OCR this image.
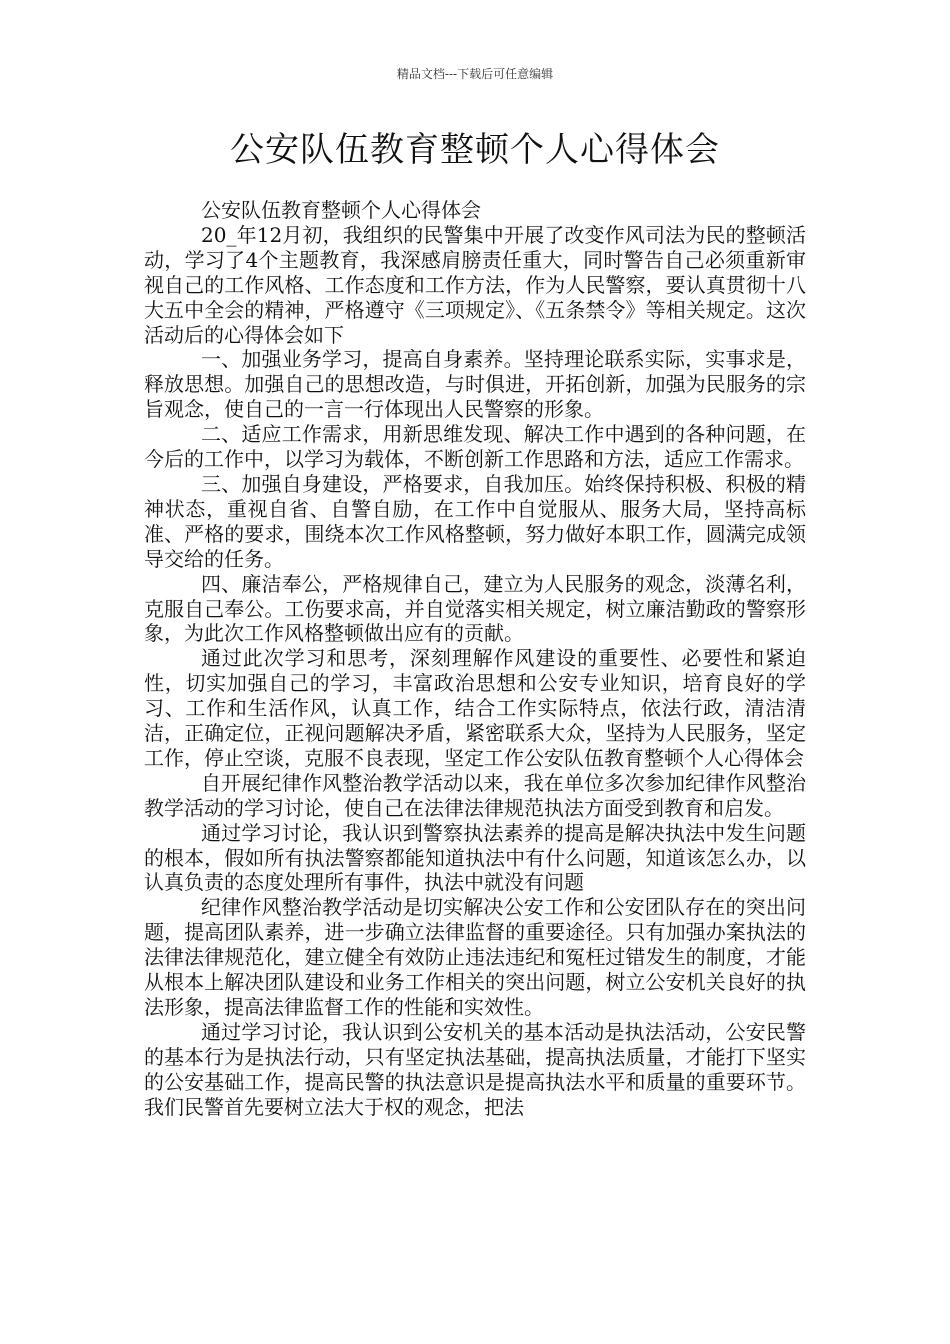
精品文档---下载后可任意编辑
公安队伍教育整顿个人心得体会

公安队伍教育整顿个人心得体会

20_年12月初，我组织的民警集中开展了改变作风司法为民的整顿活动，学习了4个主题教育，我深感肩膀责任重大，同时警告自己必须重新审视自己的工作风格、工作态度和工作方法，作为人民警察，要认真贯彻十八大五中全会的精神，严格遵守《三项规定》、《五条禁令》等相关规定。这次活动后的心得体会如下

一、加强业务学习，提高自身素养。坚持理论联系实际，实事求是，释放思想。加强自己的思想改造，与时俱进，开拓创新，加强为民服务的宗旨观念，使自己的一言一行体现出人民警察的形象。

二、适应工作需求，用新思维发现、解决工作中遇到的各种问题，在今后的工作中，以学习为载体，不断创新工作思路和方法，适应工作需求。

三、加强自身建设，严格要求，自我加压。始终保持积极、积极的精神状态，重视自省、自警自励，在工作中自觉服从、服务大局，坚持高标准、严格的要求，围绕本次工作风格整顿，努力做好本职工作，圆满完成领导交给的任务。

四、廉洁奉公，严格规律自己，建立为人民服务的观念，淡薄名利，克服自己奉公。工伤要求高，并自觉落实相关规定，树立廉洁勤政的警察形象，为此次工作风格整顿做出应有的贡献。

通过此次学习和思考，深刻理解作风建设的重要性、必要性和紧迫性，切实加强自己的学习，丰富政治思想和公安专业知识，培育良好的学习、工作和生活作风，认真工作，结合工作实际特点，依法行政，清洁清洁，正确定位，正视问题解决矛盾，紧密联系大众，坚持为人民服务，坚定工作，停止空谈，克服不良表现，坚定工作公安队伍教育整顿个人心得体会

自开展纪律作风整治教学活动以来，我在单位多次参加纪律作风整治教学活动的学习讨论，使自己在法律法律规范执法方面受到教育和启发。

通过学习讨论，我认识到警察执法素养的提高是解决执法中发生问题的根本，假如所有执法警察都能知道执法中有什么问题，知道该怎么办，以认真负责的态度处理所有事件，执法中就没有问题

纪律作风整治教学活动是切实解决公安工作和公安团队存在的突出问题，提高团队素养，进一步确立法律监督的重要途径。只有加强办案执法的法律法律规范化，建立健全有效防止违法违纪和冤枉过错发生的制度，才能从根本上解决团队建设和业务工作相关的突出问题，树立公安机关良好的执法形象，提高法律监督工作的性能和实效性。

通过学习讨论，我认识到公安机关的基本活动是执法活动，公安民警的基本行为是执法行动，只有坚定执法基础，提高执法质量，才能打下坚实的公安基础工作，提高民警的执法意识是提高执法水平和质量的重要环节。我们民警首先要树立法大于权的观念，把法
